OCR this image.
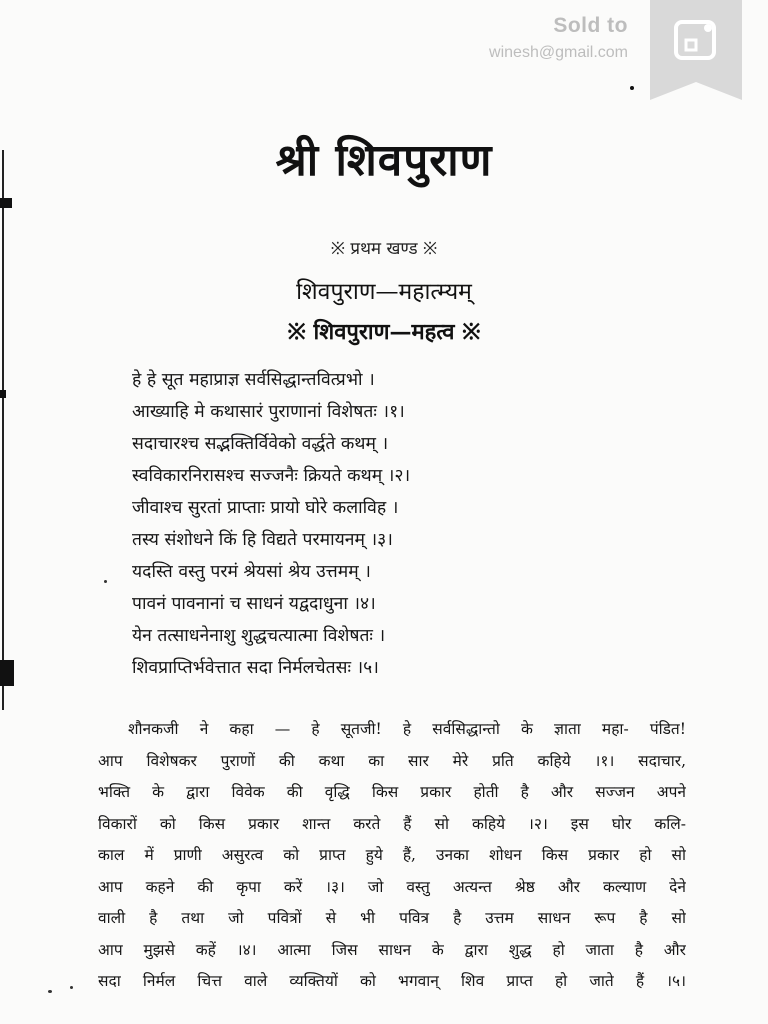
Sold to
winesh@gmail.com
श्री शिवपुराण
※ प्रथम खण्ड ※
शिवपुराण—महात्म्यम्
※ शिवपुराण—महत्व ※
हे हे सूत महाप्राज्ञ सर्वसिद्धान्तवित्प्रभो ।
आख्याहि मे कथासारं पुराणानां विशेषतः ।१।
सदाचारश्च सद्भक्तिर्विवेको वर्द्धते कथम् ।
स्वविकारनिरासश्च सज्जनैः क्रियते कथम् ।२।
जीवाश्च सुरतां प्राप्ताः प्रायो घोरे कलाविह ।
तस्य संशोधने किं हि विद्यते परमायनम् ।३।
यदस्ति वस्तु परमं श्रेयसां श्रेय उत्तमम् ।
पावनं पावनानां च साधनं यद्वदाधुना ।४।
येन तत्साधनेनाशु शुद्धचत्यात्मा विशेषतः ।
शिवप्राप्तिर्भवेत्तात सदा निर्मलचेतसः ।५।
शौनकजी ने कहा — हे सूतजी! हे सर्वसिद्धान्तो के ज्ञाता महा- पंडित!
आप विशेषकर पुराणों की कथा का सार मेरे प्रति कहिये ।१। सदाचार,
भक्ति के द्वारा विवेक की वृद्धि किस प्रकार होती है और सज्जन अपने
विकारों को किस प्रकार शान्त करते हैं सो कहिये ।२। इस घोर कलि-
काल में प्राणी असुरत्व को प्राप्त हुये हैं, उनका शोधन किस प्रकार हो सो
आप कहने की कृपा करें ।३। जो वस्तु अत्यन्त श्रेष्ठ और कल्याण देने
वाली है तथा जो पवित्रों से भी पवित्र है उत्तम साधन रूप है सो
आप मुझसे कहें ।४। आत्मा जिस साधन के द्वारा शुद्ध हो जाता है और
सदा निर्मल चित्त वाले व्यक्तियों को भगवान् शिव प्राप्त हो जाते हैं ।५।
